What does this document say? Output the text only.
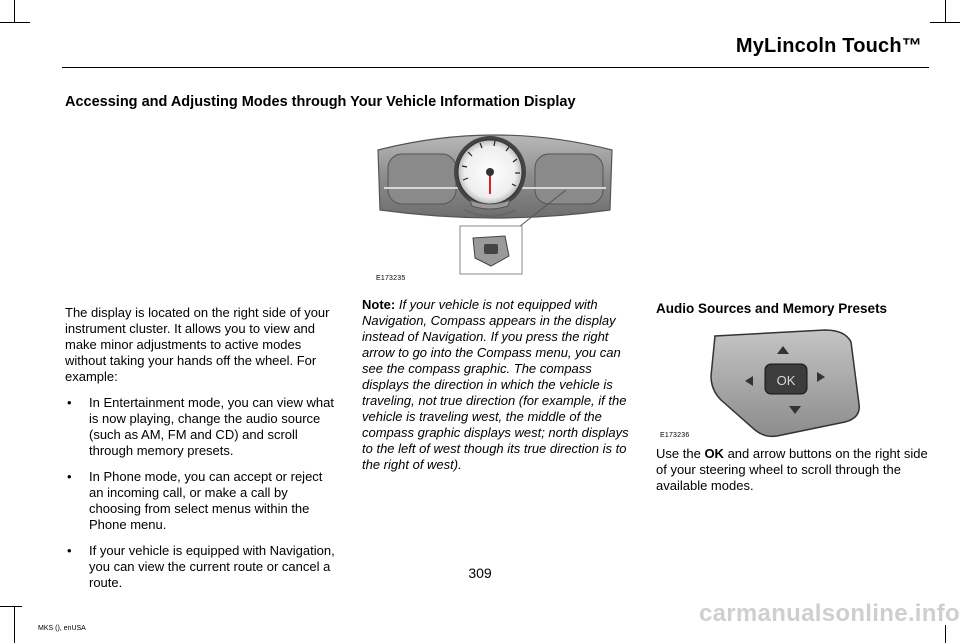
MyLincoln Touch™
Accessing and Adjusting Modes through Your Vehicle Information Display
E173235

The display is located on the right side of your instrument cluster. It allows you to view and make minor adjustments to active modes without taking your hands off the wheel. For example:

• In Entertainment mode, you can view what is now playing, change the audio source (such as AM, FM and CD) and scroll through memory presets.
• In Phone mode, you can accept or reject an incoming call, or make a call by choosing from select menus within the Phone menu.
• If your vehicle is equipped with Navigation, you can view the current route or cancel a route.

Note: If your vehicle is not equipped with Navigation, Compass appears in the display instead of Navigation. If you press the right arrow to go into the Compass menu, you can see the compass graphic. The compass displays the direction in which the vehicle is traveling, not true direction (for example, if the vehicle is traveling west, the middle of the compass graphic displays west; north displays to the left of west though its true direction is to the right of west).

Audio Sources and Memory Presets
OK
E173236

Use the OK and arrow buttons on the right side of your steering wheel to scroll through the available modes.

309
MKS (), enUSA
carmanualsonline.info
